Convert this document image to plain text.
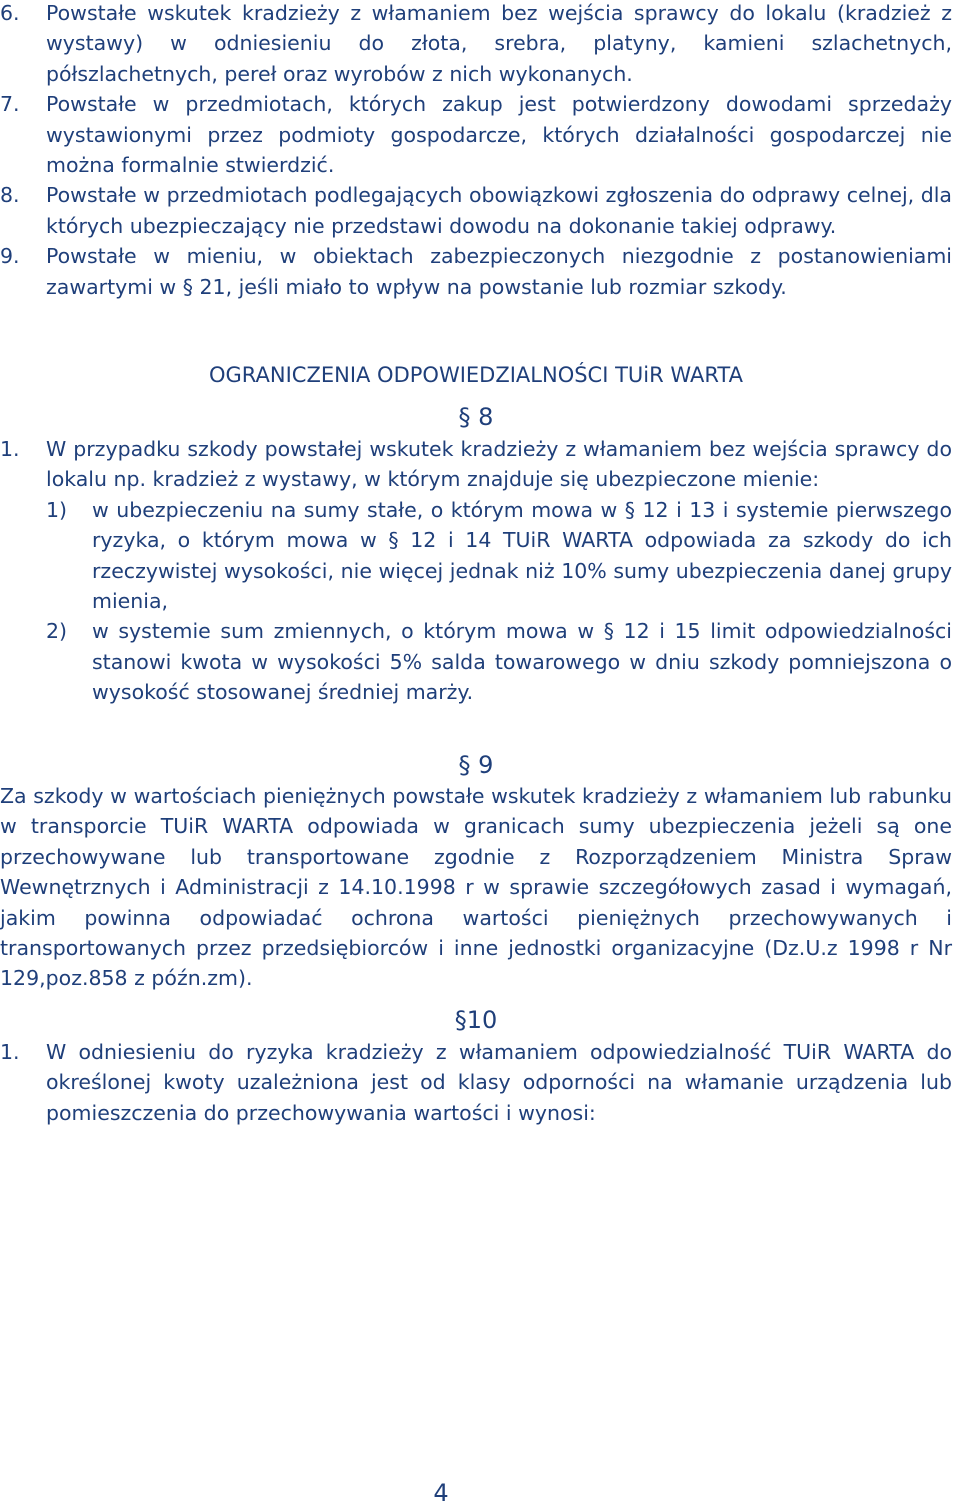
6. Powstałe wskutek kradzieży z włamaniem bez wejścia sprawcy do lokalu (kradzież z wystawy) w odniesieniu do złota, srebra, platyny, kamieni szlachetnych, półszlachetnych, pereł oraz wyrobów z nich wykonanych.
7. Powstałe w przedmiotach, których zakup jest potwierdzony dowodami sprzedaży wystawionymi przez podmioty gospodarcze, których działalności gospodarczej nie można formalnie stwierdzić.
8. Powstałe w przedmiotach podlegających obowiązkowi zgłoszenia do odprawy celnej, dla których ubezpieczający nie przedstawi dowodu na dokonanie takiej odprawy.
9. Powstałe w mieniu, w obiektach zabezpieczonych niezgodnie z postanowieniami zawartymi w § 21, jeśli miało to wpływ na powstanie lub rozmiar szkody.
OGRANICZENIA ODPOWIEDZIALNOŚCI TUiR WARTA
§ 8
1. W przypadku szkody powstałej wskutek kradzieży z włamaniem bez wejścia sprawcy do lokalu np. kradzież z wystawy, w którym znajduje się ubezpieczone mienie:
1) w ubezpieczeniu na sumy stałe, o którym mowa w § 12 i 13 i systemie pierwszego ryzyka, o którym mowa w § 12 i 14 TUiR WARTA odpowiada za szkody do ich rzeczywistej wysokości, nie więcej jednak niż 10% sumy ubezpieczenia danej grupy mienia,
2) w systemie sum zmiennych, o którym mowa w § 12 i 15 limit odpowiedzialności stanowi kwota w wysokości 5% salda towarowego w dniu szkody pomniejszona o wysokość stosowanej średniej marży.
§ 9
Za szkody w wartościach pieniężnych powstałe wskutek kradzieży z włamaniem lub rabunku w transporcie TUiR WARTA odpowiada w granicach sumy ubezpieczenia jeżeli są one przechowywane lub transportowane zgodnie z Rozporządzeniem Ministra Spraw Wewnętrznych i Administracji z 14.10.1998 r w sprawie szczegółowych zasad i wymagań, jakim powinna odpowiadać ochrona wartości pieniężnych przechowywanych i transportowanych przez przedsiębiorców i inne jednostki organizacyjne (Dz.U.z 1998 r Nr 129,poz.858 z późn.zm).
§10
1. W odniesieniu do ryzyka kradzieży z włamaniem odpowiedzialność TUiR WARTA do określonej kwoty uzależniona jest od klasy odporności na włamanie urządzenia lub pomieszczenia do przechowywania wartości i wynosi:
4
